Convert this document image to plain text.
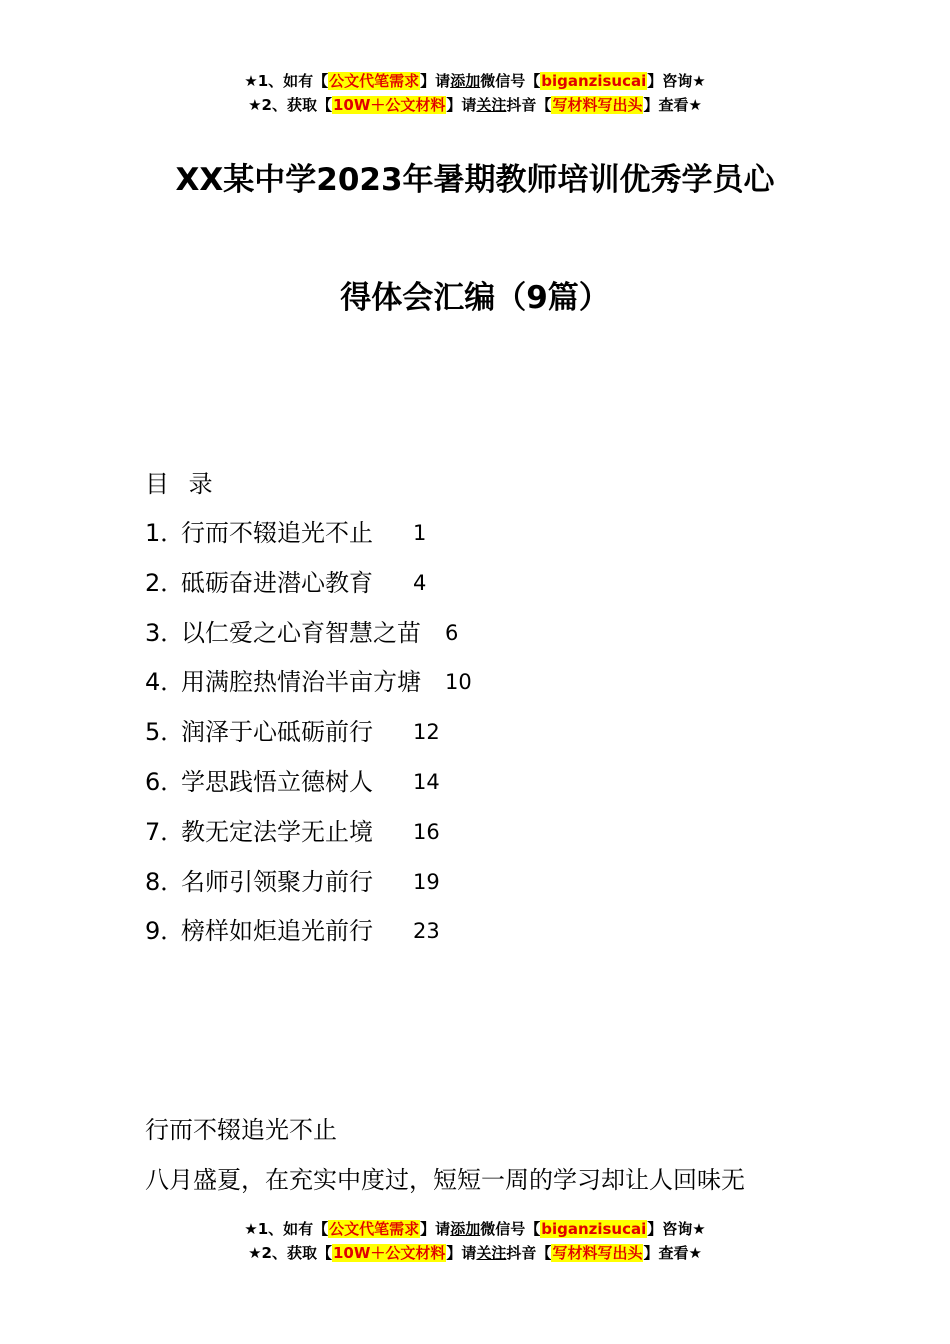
★1、如有【公文代笔需求】请添加微信号【biganzisucai】咨询★
★2、获取【10W＋公文材料】请关注抖音【写材料写出头】查看★
XX某中学2023年暑期教师培训优秀学员心
得体会汇编（9篇）
目 录
1．行而不辍追光不止 1
2．砥砺奋进潜心教育 4
3．以仁爱之心育智慧之苗 6
4．用满腔热情治半亩方塘 10
5．润泽于心砥砺前行 12
6．学思践悟立德树人 14
7．教无定法学无止境 16
8．名师引领聚力前行 19
9．榜样如炬追光前行 23
行而不辍追光不止
八月盛夏，在充实中度过，短短一周的学习却让人回味无
★1、如有【公文代笔需求】请添加微信号【biganzisucai】咨询★
★2、获取【10W＋公文材料】请关注抖音【写材料写出头】查看★
